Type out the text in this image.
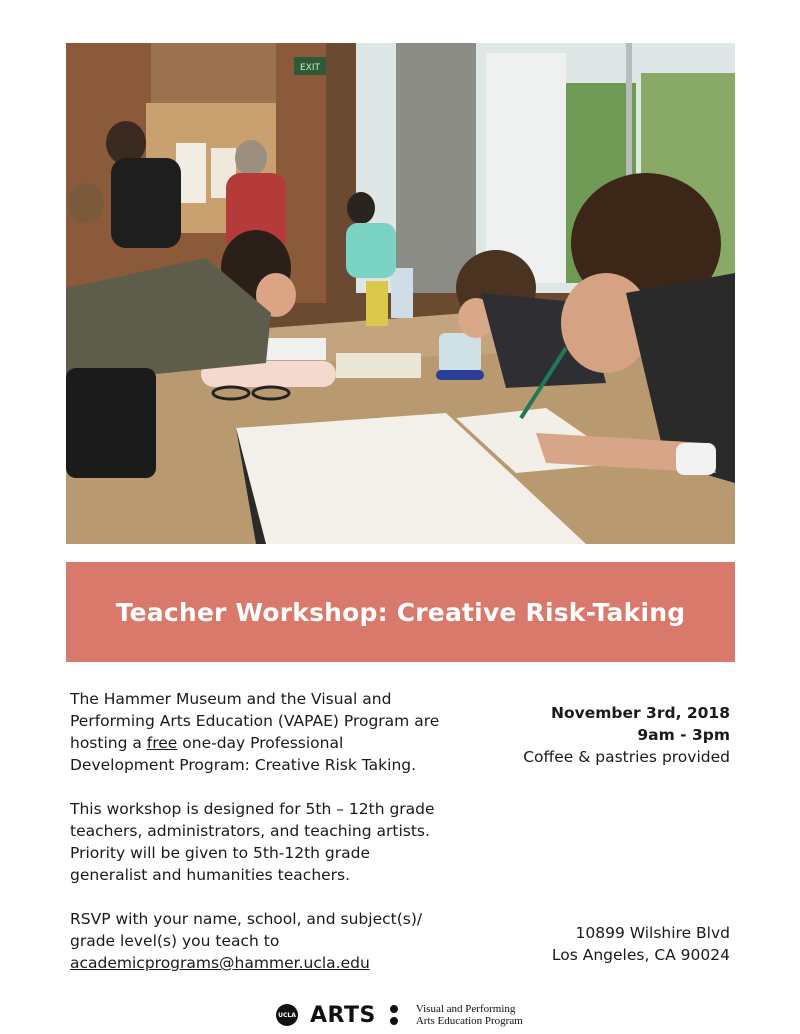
EXIT
Teacher Workshop: Creative Risk-Taking

The Hammer Museum and the Visual and Performing Arts Education (VAPAE) Program are hosting a free one-day Professional Development Program: Creative Risk Taking.

This workshop is designed for 5th – 12th grade teachers, administrators, and teaching artists. Priority will be given to 5th-12th grade generalist and humanities teachers.

RSVP with your name, school, and subject(s)/ grade level(s) you teach to
academicprograms@hammer.ucla.edu

November 3rd, 2018
9am - 3pm
Coffee & pastries provided
10899 Wilshire Blvd
Los Angeles, CA 90024
UCLA ARTS	Visual and Performing
Arts Education Program
